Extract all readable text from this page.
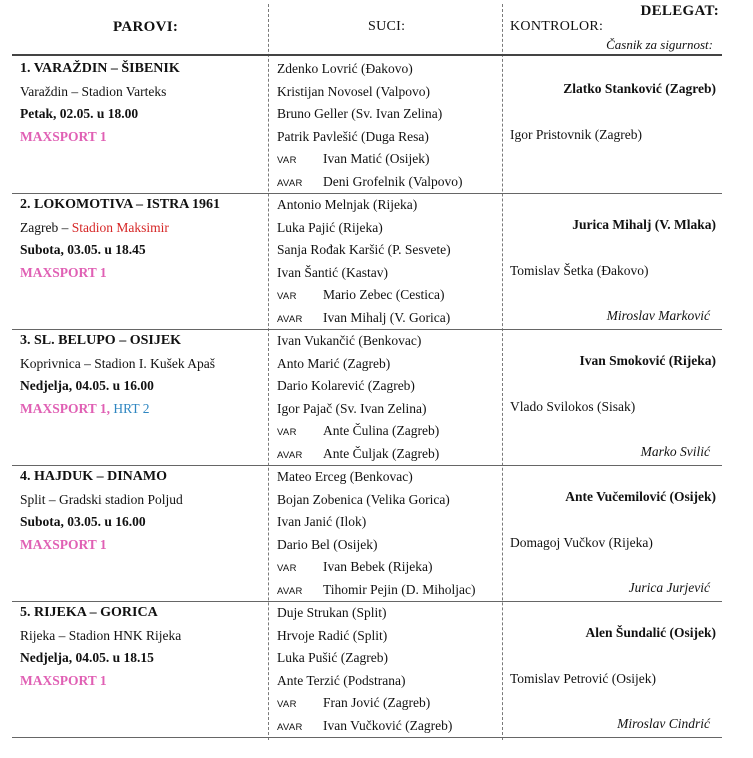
PAROVI:	SUCI:	KONTROLOR:
DELEGAT:
Časnik za sigurnost:
1. VARAŽDIN – ŠIBENIK
Varaždin – Stadion Varteks
Petak, 02.05. u 18.00
MAXSPORT 1
Zdenko Lovrić (Đakovo)
Kristijan Novosel (Valpovo)
Bruno Geller (Sv. Ivan Zelina)
Patrik Pavlešić (Duga Resa)
VAR Ivan Matić (Osijek)
AVAR Deni Grofelnik (Valpovo)
Zlatko Stanković (Zagreb)
Igor Pristovnik (Zagreb)
2. LOKOMOTIVA – ISTRA 1961
Zagreb – Stadion Maksimir
Subota, 03.05. u 18.45
MAXSPORT 1
Antonio Melnjak (Rijeka)
Luka Pajić (Rijeka)
Sanja Rođak Karšić (P. Sesvete)
Ivan Šantić (Kastav)
VAR Mario Zebec (Cestica)
AVAR Ivan Mihalj (V. Gorica)
Jurica Mihalj (V. Mlaka)
Tomislav Šetka (Đakovo)
Miroslav Marković
3. SL. BELUPO – OSIJEK
Koprivnica – Stadion I. Kušek Apaš
Nedjelja, 04.05. u 16.00
MAXSPORT 1, HRT 2
Ivan Vukančić (Benkovac)
Anto Marić (Zagreb)
Dario Kolarević (Zagreb)
Igor Pajač (Sv. Ivan Zelina)
VAR Ante Čulina (Zagreb)
AVAR Ante Čuljak (Zagreb)
Ivan Smoković (Rijeka)
Vlado Svilokos (Sisak)
Marko Svilić
4. HAJDUK – DINAMO
Split – Gradski stadion Poljud
Subota, 03.05. u 16.00
MAXSPORT 1
Mateo Erceg (Benkovac)
Bojan Zobenica (Velika Gorica)
Ivan Janić (Ilok)
Dario Bel (Osijek)
VAR Ivan Bebek (Rijeka)
AVAR Tihomir Pejin (D. Miholjac)
Ante Vučemilović (Osijek)
Domagoj Vučkov (Rijeka)
Jurica Jurjević
5. RIJEKA – GORICA
Rijeka – Stadion HNK Rijeka
Nedjelja, 04.05. u 18.15
MAXSPORT 1
Duje Strukan (Split)
Hrvoje Radić (Split)
Luka Pušić (Zagreb)
Ante Terzić (Podstrana)
VAR Fran Jović (Zagreb)
AVAR Ivan Vučković (Zagreb)
Alen Šundalić (Osijek)
Tomislav Petrović (Osijek)
Miroslav Cindrić
